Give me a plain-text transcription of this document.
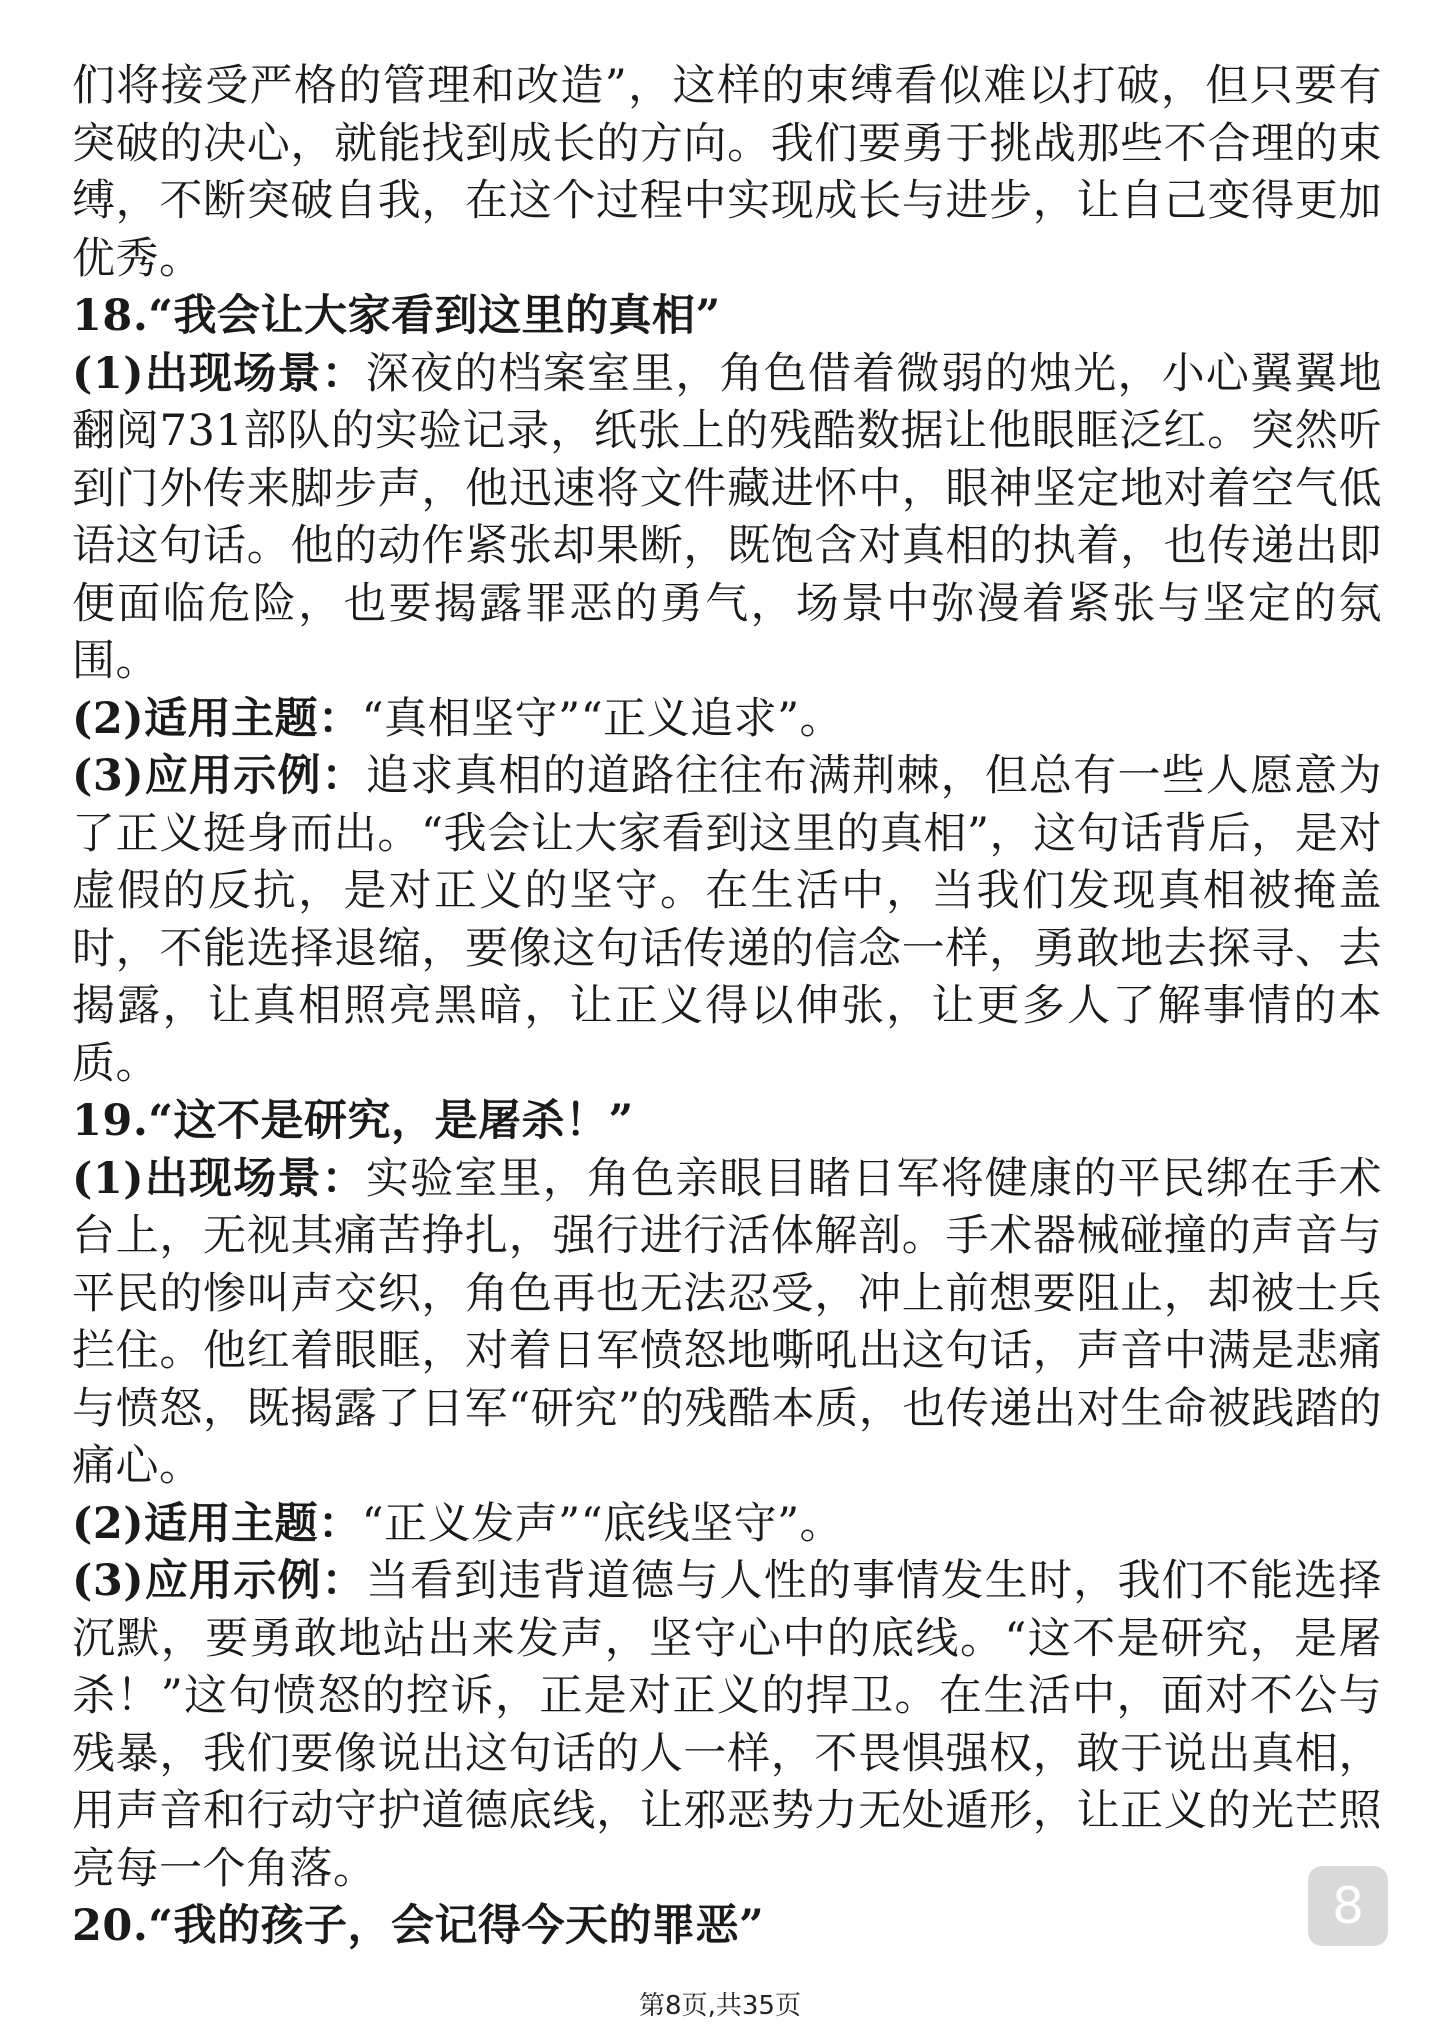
们将接受严格的管理和改造”，这样的束缚看似难以打破，但只要有突破的决心，就能找到成长的方向。我们要勇于挑战那些不合理的束缚，不断突破自我，在这个过程中实现成长与进步，让自己变得更加优秀。

18.“我会让大家看到这里的真相”

(1)出现场景：深夜的档案室里，角色借着微弱的烛光，小心翼翼地翻阅731部队的实验记录，纸张上的残酷数据让他眼眶泛红。突然听到门外传来脚步声，他迅速将文件藏进怀中，眼神坚定地对着空气低语这句话。他的动作紧张却果断，既饱含对真相的执着，也传递出即便面临危险，也要揭露罪恶的勇气，场景中弥漫着紧张与坚定的氛围。

(2)适用主题：“真相坚守”“正义追求”。

(3)应用示例：追求真相的道路往往布满荆棘，但总有一些人愿意为了正义挺身而出。“我会让大家看到这里的真相”，这句话背后，是对虚假的反抗，是对正义的坚守。在生活中，当我们发现真相被掩盖时，不能选择退缩，要像这句话传递的信念一样，勇敢地去探寻、去揭露，让真相照亮黑暗，让正义得以伸张，让更多人了解事情的本质。

19.“这不是研究，是屠杀！”

(1)出现场景：实验室里，角色亲眼目睹日军将健康的平民绑在手术台上，无视其痛苦挣扎，强行进行活体解剖。手术器械碰撞的声音与平民的惨叫声交织，角色再也无法忍受，冲上前想要阻止，却被士兵拦住。他红着眼眶，对着日军愤怒地嘶吼出这句话，声音中满是悲痛与愤怒，既揭露了日军“研究”的残酷本质，也传递出对生命被践踏的痛心。

(2)适用主题：“正义发声”“底线坚守”。

(3)应用示例：当看到违背道德与人性的事情发生时，我们不能选择沉默，要勇敢地站出来发声，坚守心中的底线。“这不是研究，是屠杀！”这句愤怒的控诉，正是对正义的捍卫。在生活中，面对不公与残暴，我们要像说出这句话的人一样，不畏惧强权，敢于说出真相，用声音和行动守护道德底线，让邪恶势力无处遁形，让正义的光芒照亮每一个角落。

20.“我的孩子，会记得今天的罪恶”	8
第8页,共35页
